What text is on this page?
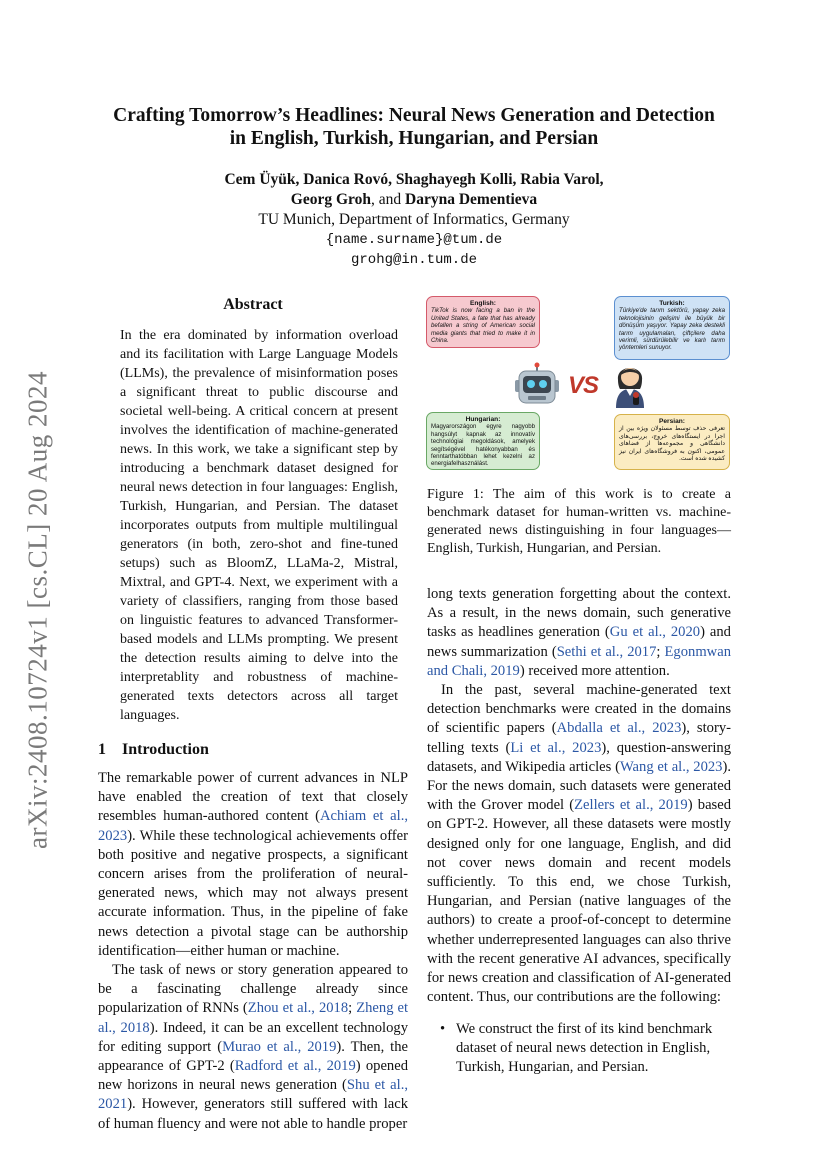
arXiv:2408.10724v1 [cs.CL] 20 Aug 2024
Crafting Tomorrow’s Headlines: Neural News Generation and Detection
in English, Turkish, Hungarian, and Persian
Cem Üyük, Danica Rovó, Shaghayegh Kolli, Rabia Varol,
Georg Groh, and Daryna Dementieva
TU Munich, Department of Informatics, Germany
{name.surname}@tum.de
grohg@in.tum.de
Abstract

In the era dominated by information overload and its facilitation with Large Language Models (LLMs), the prevalence of misinformation poses a significant threat to public discourse and societal well-being. A critical concern at present involves the identification of machine-generated news. In this work, we take a significant step by introducing a benchmark dataset designed for neural news detection in four languages: English, Turkish, Hungarian, and Persian. The dataset incorporates outputs from multiple multilingual generators (in both, zero-shot and fine-tuned setups) such as BloomZ, LLaMa-2, Mistral, Mixtral, and GPT-4. Next, we experiment with a variety of classifiers, ranging from those based on linguistic features to advanced Transformer-based models and LLMs prompting. We present the detection results aiming to delve into the interpretablity and robustness of machine-generated texts detectors across all target languages.

1 Introduction

The remarkable power of current advances in NLP have enabled the creation of text that closely resembles human-authored content (Achiam et al., 2023). While these technological achievements offer both positive and negative prospects, a significant concern arises from the proliferation of neural-generated news, which may not always present accurate information. Thus, in the pipeline of fake news detection a pivotal stage can be authorship identification—either human or machine.

The task of news or story generation appeared to be a fascinating challenge already since popularization of RNNs (Zhou et al., 2018; Zheng et al., 2018). Indeed, it can be an excellent technology for editing support (Murao et al., 2019). Then, the appearance of GPT-2 (Radford et al., 2019) opened new horizons in neural news generation (Shu et al., 2021). However, generators still suffered with lack of human fluency and were not able to handle proper

English:
TikTok is now facing a ban in the United States, a fate that has already befallen a string of American social media giants that tried to make it in China.
Turkish:
Türkiye'de tarım sektörü, yapay zeka teknolojisinin gelişimi ile büyük bir dönüşüm yaşıyor. Yapay zeka destekli tarım uygulamaları, çiftçilere daha verimli, sürdürülebilir ve karlı tarım yöntemleri sunuyor.
Hungarian:
Magyarországon egyre nagyobb hangsúlyt kapnak az innovatív technológiai megoldások, amelyek segítségével hatékonyabban és fenntarthatóbban lehet kezelni az energiafelhasználást.
Persian:
تعرفی حذف توسط مسئولان ویژه بین از اجرا در ایستگاه‌های خروج، بررسی‌های دانشگاهی و مجموعه‌ها از فضاهای عمومی، اکنون به فروشگاه‌های ایران نیز کشیده شده است.
VS
Figure 1: The aim of this work is to create a benchmark dataset for human-written vs. machine-generated news distinguishing in four languages—English, Turkish, Hungarian, and Persian.

long texts generation forgetting about the context. As a result, in the news domain, such generative tasks as headlines generation (Gu et al., 2020) and news summarization (Sethi et al., 2017; Egonmwan and Chali, 2019) received more attention.

In the past, several machine-generated text detection benchmarks were created in the domains of scientific papers (Abdalla et al., 2023), story-telling texts (Li et al., 2023), question-answering datasets, and Wikipedia articles (Wang et al., 2023). For the news domain, such datasets were generated with the Grover model (Zellers et al., 2019) based on GPT-2. However, all these datasets were mostly designed only for one language, English, and did not cover news domain and recent models sufficiently. To this end, we chose Turkish, Hungarian, and Persian (native languages of the authors) to create a proof-of-concept to determine whether underrepresented languages can also thrive with the recent generative AI advances, specifically for news creation and classification of AI-generated content. Thus, our contributions are the following:

• We construct the first of its kind benchmark dataset of neural news detection in English, Turkish, Hungarian, and Persian.
